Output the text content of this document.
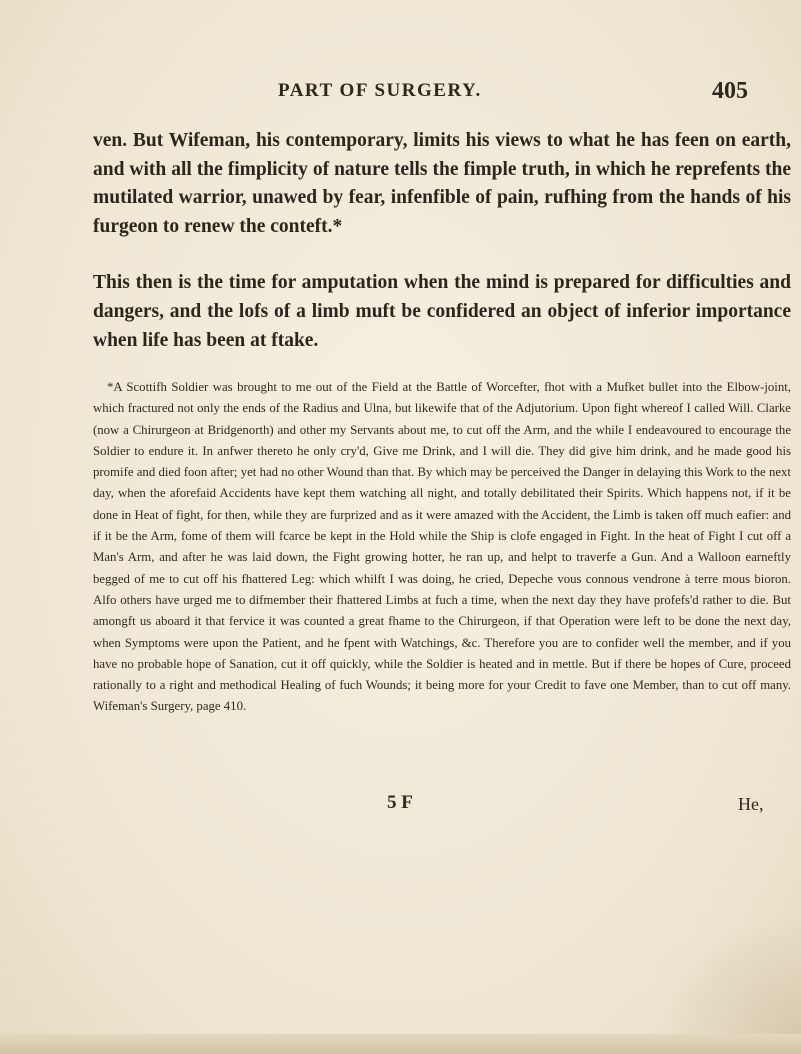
PART OF SURGERY.	405

ven. But Wifeman, his contemporary, limits his views to what he has feen on earth, and with all the fimplicity of nature tells the fimple truth, in which he reprefents the mutilated warrior, unawed by fear, infenfible of pain, rufhing from the hands of his furgeon to renew the conteft.*

This then is the time for amputation when the mind is prepared for difficulties and dangers, and the lofs of a limb muft be confidered an object of inferior importance when life has been at ftake.

*A Scottifh Soldier was brought to me out of the Field at the Battle of Worcefter, fhot with a Mufket bullet into the Elbow-joint, which fractured not only the ends of the Radius and Ulna, but likewife that of the Adjutorium. Upon fight whereof I called Will. Clarke (now a Chirurgeon at Bridgenorth) and other my Servants about me, to cut off the Arm, and the while I endeavoured to encourage the Soldier to endure it. In anfwer thereto he only cry'd, Give me Drink, and I will die. They did give him drink, and he made good his promife and died foon after; yet had no other Wound than that. By which may be perceived the Danger in delaying this Work to the next day, when the aforefaid Accidents have kept them watching all night, and totally debilitated their Spirits. Which happens not, if it be done in Heat of fight, for then, while they are furprized and as it were amazed with the Accident, the Limb is taken off much eafier: and if it be the Arm, fome of them will fcarce be kept in the Hold while the Ship is clofe engaged in Fight. In the heat of Fight I cut off a Man's Arm, and after he was laid down, the Fight growing hotter, he ran up, and helpt to traverfe a Gun. And a Walloon earneftly begged of me to cut off his fhattered Leg: which whilft I was doing, he cried, Depeche vous connous vendrone à terre mous bioron. Alfo others have urged me to difmember their fhattered Limbs at fuch a time, when the next day they have profefs'd rather to die. But amongft us aboard it that fervice it was counted a great fhame to the Chirurgeon, if that Operation were left to be done the next day, when Symptoms were upon the Patient, and he fpent with Watchings, &c. Therefore you are to confider well the member, and if you have no probable hope of Sanation, cut it off quickly, while the Soldier is heated and in mettle. But if there be hopes of Cure, proceed rationally to a right and methodical Healing of fuch Wounds; it being more for your Credit to fave one Member, than to cut off many. Wifeman's Surgery, page 410.

5 F	He,
